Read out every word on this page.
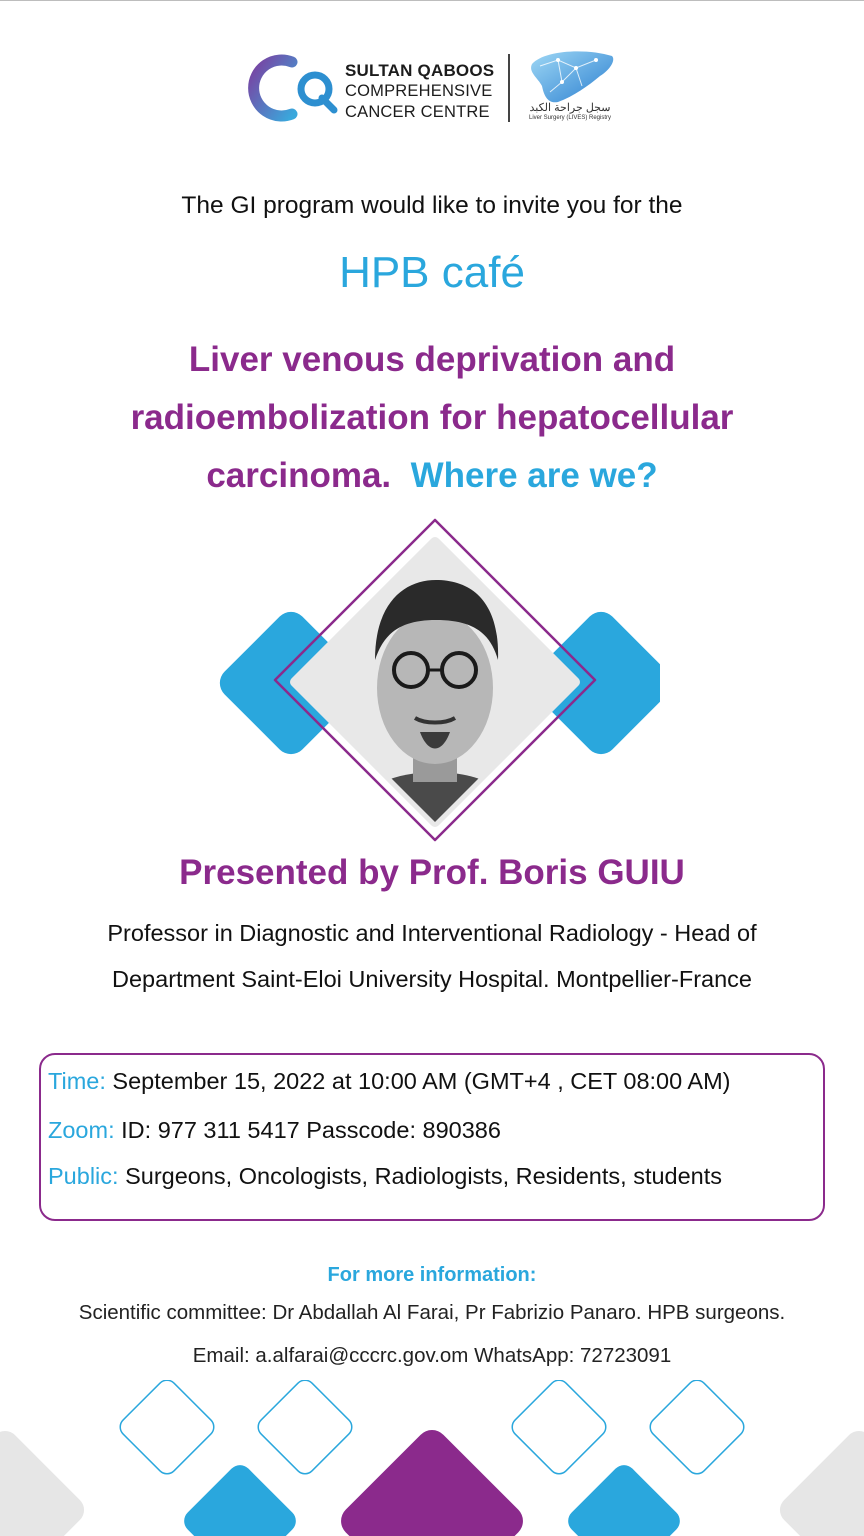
SULTAN QABOOS
COMPREHENSIVE
CANCER CENTRE	سجل جراحة الكبد
Liver Surgery (LIVES) Registry
The GI program would like to invite you for the
HPB café
Liver venous deprivation and
radioembolization for hepatocellular
carcinoma. Where are we?
Presented by Prof. Boris GUIU
Professor in Diagnostic and Interventional Radiology - Head of
Department Saint-Eloi University Hospital. Montpellier-France
Time: September 15, 2022 at 10:00 AM (GMT+4 , CET 08:00 AM)
Zoom: ID: 977 311 5417 Passcode: 890386
Public: Surgeons, Oncologists, Radiologists, Residents, students
For more information:
Scientific committee: Dr Abdallah Al Farai, Pr Fabrizio Panaro. HPB surgeons.
Email: a.alfarai@cccrc.gov.om WhatsApp: 72723091
